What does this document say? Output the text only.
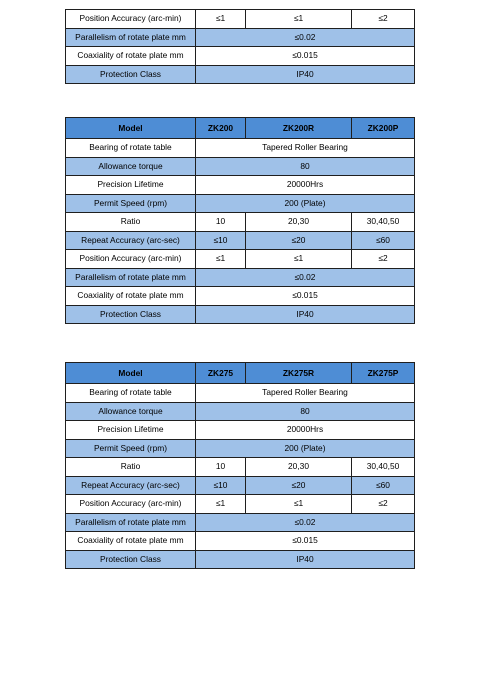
Position Accuracy (arc-min)	≤1	≤1	≤2
Parallelism of rotate plate mm	≤0.02		
Coaxiality of rotate plate mm	≤0.015		
Protection Class	IP40		
Model	ZK200	ZK200R	ZK200P
Bearing of rotate table	Tapered Roller Bearing		
Allowance torque	80		
Precision Lifetime	20000Hrs		
Permit Speed (rpm)	200 (Plate)		
Ratio	10	20,30	30,40,50
Repeat Accuracy (arc-sec)	≤10	≤20	≤60
Position Accuracy (arc-min)	≤1	≤1	≤2
Parallelism of rotate plate mm	≤0.02		
Coaxiality of rotate plate mm	≤0.015		
Protection Class	IP40		
Model	ZK275	ZK275R	ZK275P
Bearing of rotate table	Tapered Roller Bearing		
Allowance torque	80		
Precision Lifetime	20000Hrs		
Permit Speed (rpm)	200 (Plate)		
Ratio	10	20,30	30,40,50
Repeat Accuracy (arc-sec)	≤10	≤20	≤60
Position Accuracy (arc-min)	≤1	≤1	≤2
Parallelism of rotate plate mm	≤0.02		
Coaxiality of rotate plate mm	≤0.015		
Protection Class	IP40		
